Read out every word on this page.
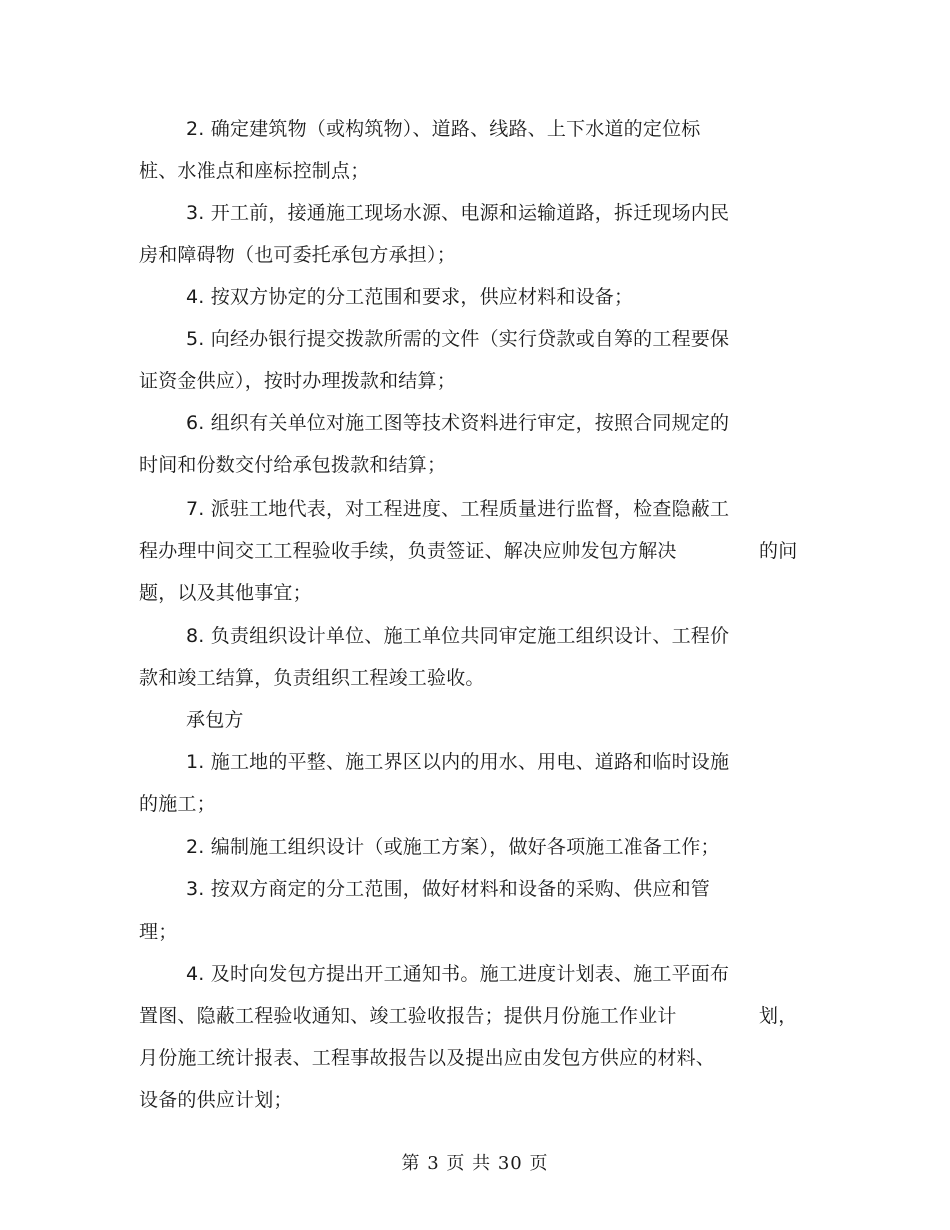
2. 确定建筑物（或构筑物）、道路、线路、上下水道的定位标
桩、水准点和座标控制点；
3. 开工前，接通施工现场水源、电源和运输道路，拆迁现场内民
房和障碍物（也可委托承包方承担）；
4. 按双方协定的分工范围和要求，供应材料和设备；
5. 向经办银行提交拨款所需的文件（实行贷款或自筹的工程要保
证资金供应），按时办理拨款和结算；
6. 组织有关单位对施工图等技术资料进行审定，按照合同规定的
时间和份数交付给承包拨款和结算；
7. 派驻工地代表，对工程进度、工程质量进行监督，检查隐蔽工
程办理中间交工工程验收手续，负责签证、解决应帅发包方解决	的问
题，以及其他事宜；
8. 负责组织设计单位、施工单位共同审定施工组织设计、工程价
款和竣工结算，负责组织工程竣工验收。
承包方
1. 施工地的平整、施工界区以内的用水、用电、道路和临时设施
的施工；
2. 编制施工组织设计（或施工方案），做好各项施工准备工作；
3. 按双方商定的分工范围，做好材料和设备的采购、供应和管
理；
4. 及时向发包方提出开工通知书。施工进度计划表、施工平面布
置图、隐蔽工程验收通知、竣工验收报告；提供月份施工作业计	划，
月份施工统计报表、工程事故报告以及提出应由发包方供应的材料、
设备的供应计划；
第 3 页 共 30 页
